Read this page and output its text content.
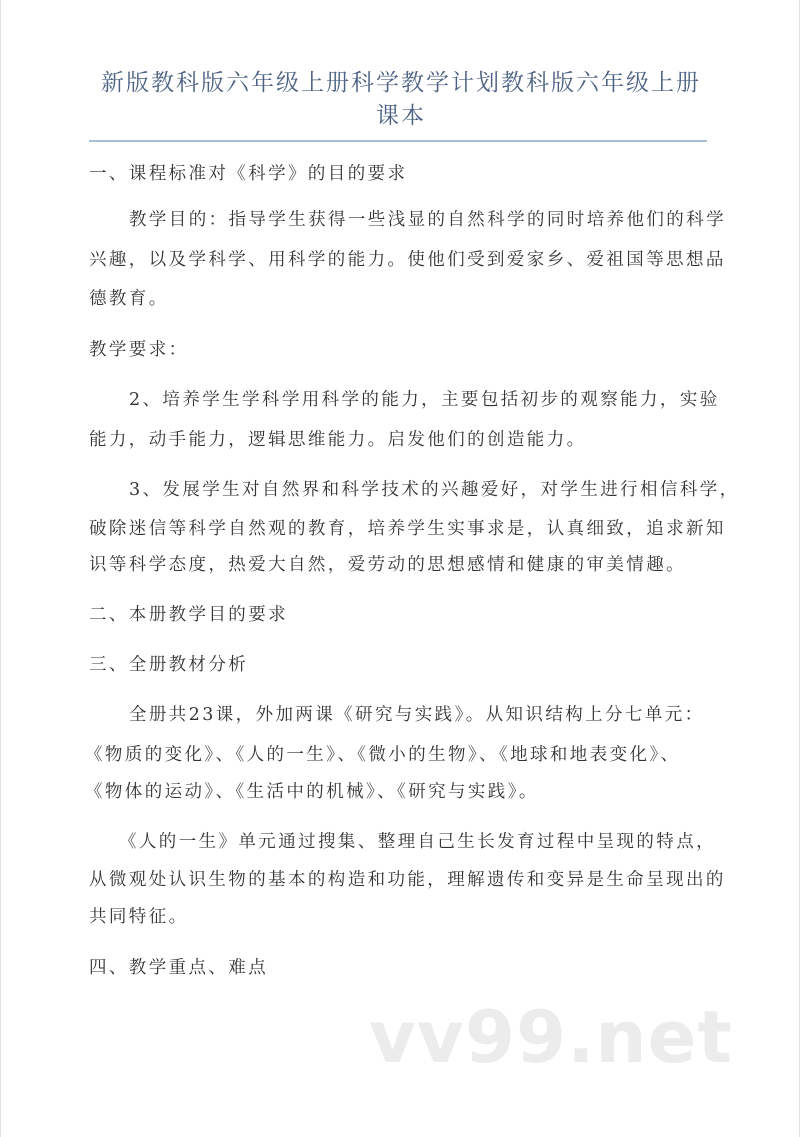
新版教科版六年级上册科学教学计划教科版六年级上册
课本
一、课程标准对《科学》的目的要求
教学目的：指导学生获得一些浅显的自然科学的同时培养他们的科学
兴趣，以及学科学、用科学的能力。使他们受到爱家乡、爱祖国等思想品
德教育。
教学要求：
2、培养学生学科学用科学的能力，主要包括初步的观察能力，实验
能力，动手能力，逻辑思维能力。启发他们的创造能力。
3、发展学生对自然界和科学技术的兴趣爱好，对学生进行相信科学，
破除迷信等科学自然观的教育，培养学生实事求是，认真细致，追求新知
识等科学态度，热爱大自然，爱劳动的思想感情和健康的审美情趣。
二、本册教学目的要求
三、全册教材分析
全册共23课，外加两课《研究与实践》。从知识结构上分七单元：
《物质的变化》、《人的一生》、《微小的生物》、《地球和地表变化》、
《物体的运动》、《生活中的机械》、《研究与实践》。
《人的一生》单元通过搜集、整理自己生长发育过程中呈现的特点，
从微观处认识生物的基本的构造和功能，理解遗传和变异是生命呈现出的
共同特征。
四、教学重点、难点
vv99.net
